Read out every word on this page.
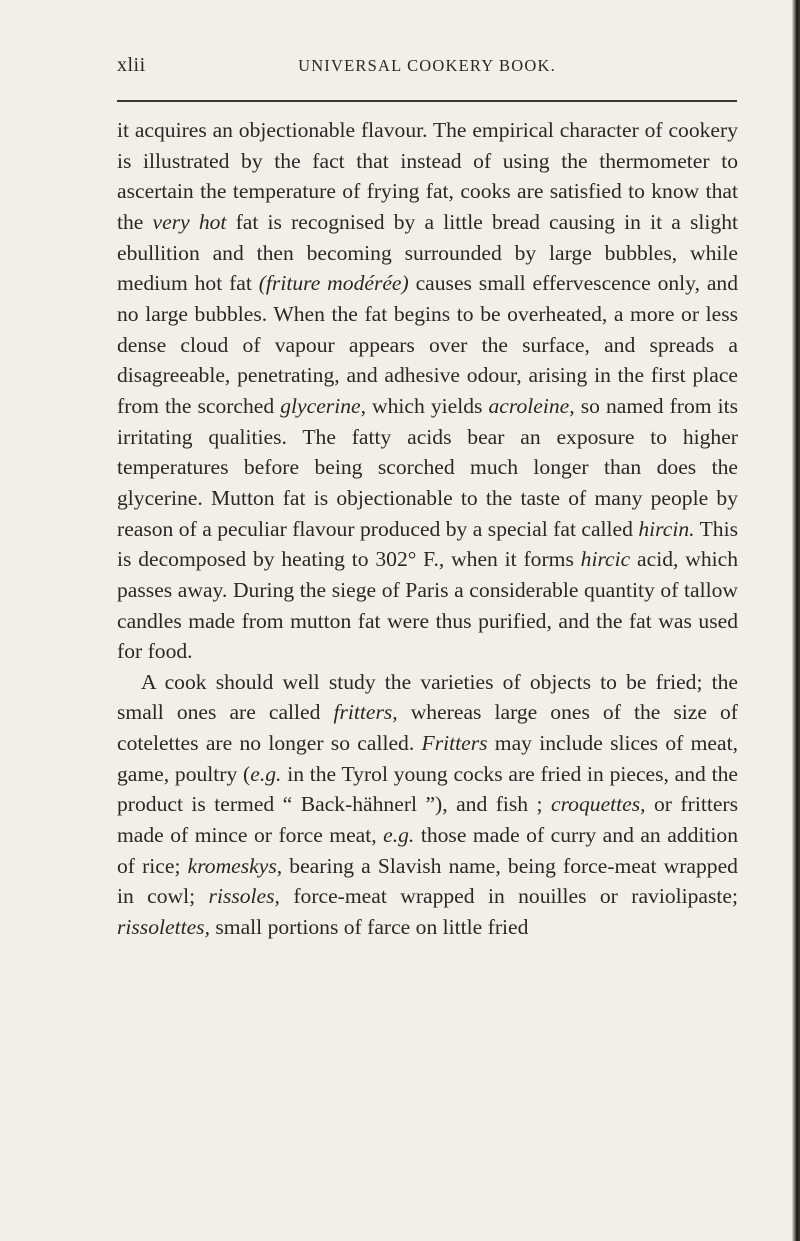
xlii	UNIVERSAL COOKERY BOOK.

it acquires an objectionable flavour. The empirical character of cookery is illustrated by the fact that instead of using the thermometer to ascertain the temperature of frying fat, cooks are satisfied to know that the very hot fat is recognised by a little bread causing in it a slight ebullition and then becoming surrounded by large bubbles, while medium hot fat (friture modérée) causes small effervescence only, and no large bubbles. When the fat begins to be overheated, a more or less dense cloud of vapour appears over the surface, and spreads a disagreeable, penetrating, and adhesive odour, arising in the first place from the scorched glycerine, which yields acroleine, so named from its irritating qualities. The fatty acids bear an exposure to higher temperatures before being scorched much longer than does the glycerine. Mutton fat is objectionable to the taste of many people by reason of a peculiar flavour produced by a special fat called hircin. This is decomposed by heating to 302° F., when it forms hircic acid, which passes away. During the siege of Paris a considerable quantity of tallow candles made from mutton fat were thus purified, and the fat was used for food.

A cook should well study the varieties of objects to be fried; the small ones are called fritters, whereas large ones of the size of cotelettes are no longer so called. Fritters may include slices of meat, game, poultry (e.g. in the Tyrol young cocks are fried in pieces, and the product is termed “ Back-hähnerl ”), and fish ; croquettes, or fritters made of mince or force meat, e.g. those made of curry and an addition of rice; kromeskys, bearing a Slavish name, being force-meat wrapped in cowl; rissoles, force-meat wrapped in nouilles or raviolipaste; rissolettes, small portions of farce on little fried
